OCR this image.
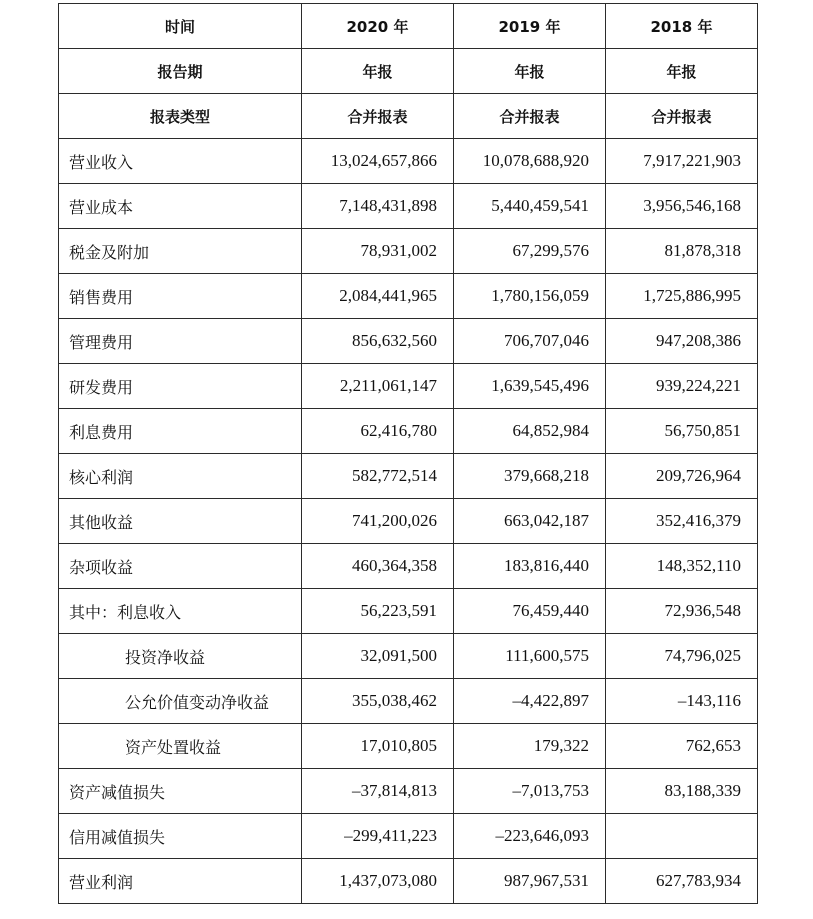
时间	2020 年	2019 年	2018 年
报告期	年报	年报	年报
报表类型	合并报表	合并报表	合并报表
营业收入	13,024,657,866	10,078,688,920	7,917,221,903
营业成本	7,148,431,898	5,440,459,541	3,956,546,168
税金及附加	78,931,002	67,299,576	81,878,318
销售费用	2,084,441,965	1,780,156,059	1,725,886,995
管理费用	856,632,560	706,707,046	947,208,386
研发费用	2,211,061,147	1,639,545,496	939,224,221
利息费用	62,416,780	64,852,984	56,750,851
核心利润	582,772,514	379,668,218	209,726,964
其他收益	741,200,026	663,042,187	352,416,379
杂项收益	460,364,358	183,816,440	148,352,110
其中：利息收入	56,223,591	76,459,440	72,936,548
投资净收益	32,091,500	111,600,575	74,796,025
公允价值变动净收益	355,038,462	–4,422,897	–143,116
资产处置收益	17,010,805	179,322	762,653
资产减值损失	–37,814,813	–7,013,753	83,188,339
信用减值损失	–299,411,223	–223,646,093	
营业利润	1,437,073,080	987,967,531	627,783,934
